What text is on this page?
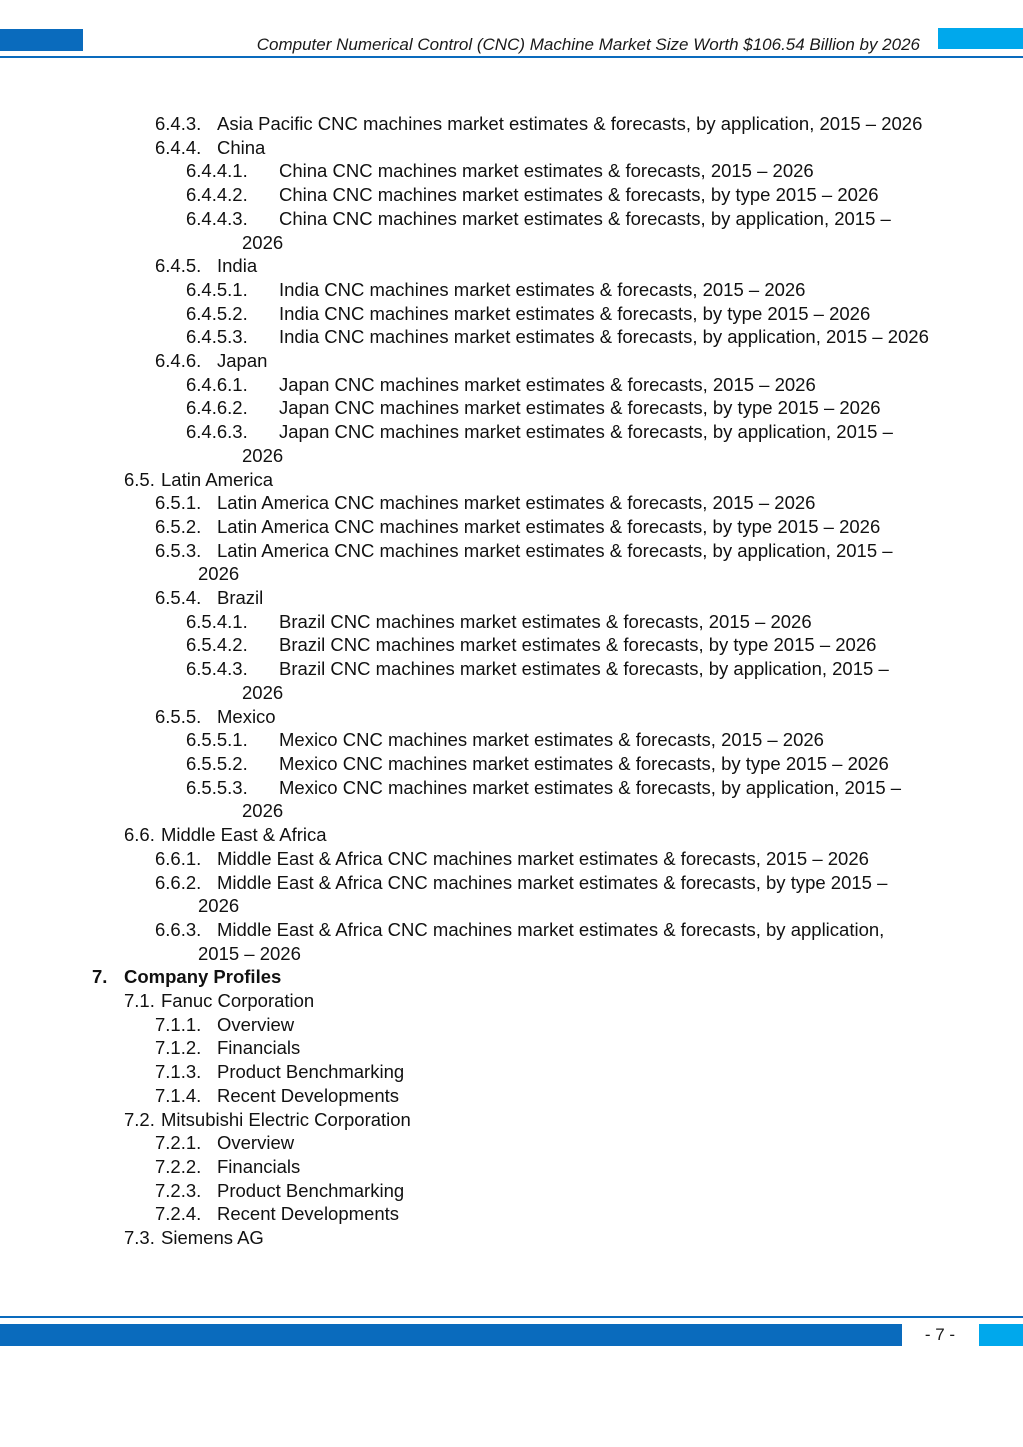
Computer Numerical Control (CNC) Machine Market Size Worth $106.54 Billion by 2026
6.4.3. Asia Pacific CNC machines market estimates & forecasts, by application, 2015 – 2026
6.4.4. China
6.4.4.1.	China CNC machines market estimates & forecasts, 2015 – 2026
6.4.4.2.	China CNC machines market estimates & forecasts, by type 2015 – 2026
6.4.4.3.	China CNC machines market estimates & forecasts, by application, 2015 – 2026
6.4.5. India
6.4.5.1.	India CNC machines market estimates & forecasts, 2015 – 2026
6.4.5.2.	India CNC machines market estimates & forecasts, by type 2015 – 2026
6.4.5.3.	India CNC machines market estimates & forecasts, by application, 2015 – 2026
6.4.6. Japan
6.4.6.1.	Japan CNC machines market estimates & forecasts, 2015 – 2026
6.4.6.2.	Japan CNC machines market estimates & forecasts, by type 2015 – 2026
6.4.6.3.	Japan CNC machines market estimates & forecasts, by application, 2015 – 2026
6.5. Latin America
6.5.1. Latin America CNC machines market estimates & forecasts, 2015 – 2026
6.5.2. Latin America CNC machines market estimates & forecasts, by type 2015 – 2026
6.5.3. Latin America CNC machines market estimates & forecasts, by application, 2015 – 2026
6.5.4. Brazil
6.5.4.1.	Brazil CNC machines market estimates & forecasts, 2015 – 2026
6.5.4.2.	Brazil CNC machines market estimates & forecasts, by type 2015 – 2026
6.5.4.3.	Brazil CNC machines market estimates & forecasts, by application, 2015 – 2026
6.5.5. Mexico
6.5.5.1.	Mexico CNC machines market estimates & forecasts, 2015 – 2026
6.5.5.2.	Mexico CNC machines market estimates & forecasts, by type 2015 – 2026
6.5.5.3.	Mexico CNC machines market estimates & forecasts, by application, 2015 – 2026
6.6. Middle East & Africa
6.6.1. Middle East & Africa CNC machines market estimates & forecasts, 2015 – 2026
6.6.2. Middle East & Africa CNC machines market estimates & forecasts, by type 2015 – 2026
6.6.3. Middle East & Africa CNC machines market estimates & forecasts, by application, 2015 – 2026
7. Company Profiles
7.1. Fanuc Corporation
7.1.1. Overview
7.1.2. Financials
7.1.3. Product Benchmarking
7.1.4. Recent Developments
7.2. Mitsubishi Electric Corporation
7.2.1. Overview
7.2.2. Financials
7.2.3. Product Benchmarking
7.2.4. Recent Developments
7.3. Siemens AG
- 7 -
